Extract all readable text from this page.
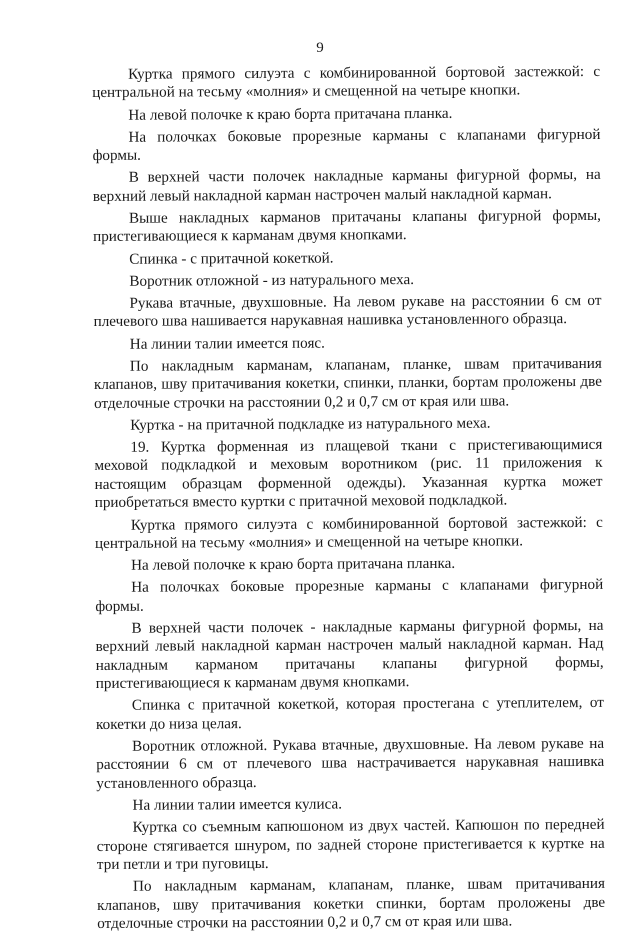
9

Куртка прямого силуэта с комбинированной бортовой застежкой: с центральной на тесьму «молния» и смещенной на четыре кнопки.

На левой полочке к краю борта притачана планка.

На полочках боковые прорезные карманы с клапанами фигурной формы.

В верхней части полочек накладные карманы фигурной формы, на верхний левый накладной карман настрочен малый накладной карман.

Выше накладных карманов притачаны клапаны фигурной формы, пристегивающиеся к карманам двумя кнопками.

Спинка - с притачной кокеткой.

Воротник отложной - из натурального меха.

Рукава втачные, двухшовные. На левом рукаве на расстоянии 6 см от плечевого шва нашивается нарукавная нашивка установленного образца.

На линии талии имеется пояс.

По накладным карманам, клапанам, планке, швам притачивания клапанов, шву притачивания кокетки, спинки, планки, бортам проложены две отделочные строчки на расстоянии 0,2 и 0,7 см от края или шва.

Куртка - на притачной подкладке из натурального меха.

19. Куртка форменная из плащевой ткани с пристегивающимися меховой подкладкой и меховым воротником (рис. 11 приложения к настоящим образцам форменной одежды). Указанная куртка может приобретаться вместо куртки с притачной меховой подкладкой.

Куртка прямого силуэта с комбинированной бортовой застежкой: с центральной на тесьму «молния» и смещенной на четыре кнопки.

На левой полочке к краю борта притачана планка.

На полочках боковые прорезные карманы с клапанами фигурной формы.

В верхней части полочек - накладные карманы фигурной формы, на верхний левый накладной карман настрочен малый накладной карман. Над накладным карманом притачаны клапаны фигурной формы, пристегивающиеся к карманам двумя кнопками.

Спинка с притачной кокеткой, которая простегана с утеплителем, от кокетки до низа целая.

Воротник отложной. Рукава втачные, двухшовные. На левом рукаве на расстоянии 6 см от плечевого шва настрачивается нарукавная нашивка установленного образца.

На линии талии имеется кулиса.

Куртка со съемным капюшоном из двух частей. Капюшон по передней стороне стягивается шнуром, по задней стороне пристегивается к куртке на три петли и три пуговицы.

По накладным карманам, клапанам, планке, швам притачивания клапанов, шву притачивания кокетки спинки, бортам проложены две отделочные строчки на расстоянии 0,2 и 0,7 см от края или шва.
